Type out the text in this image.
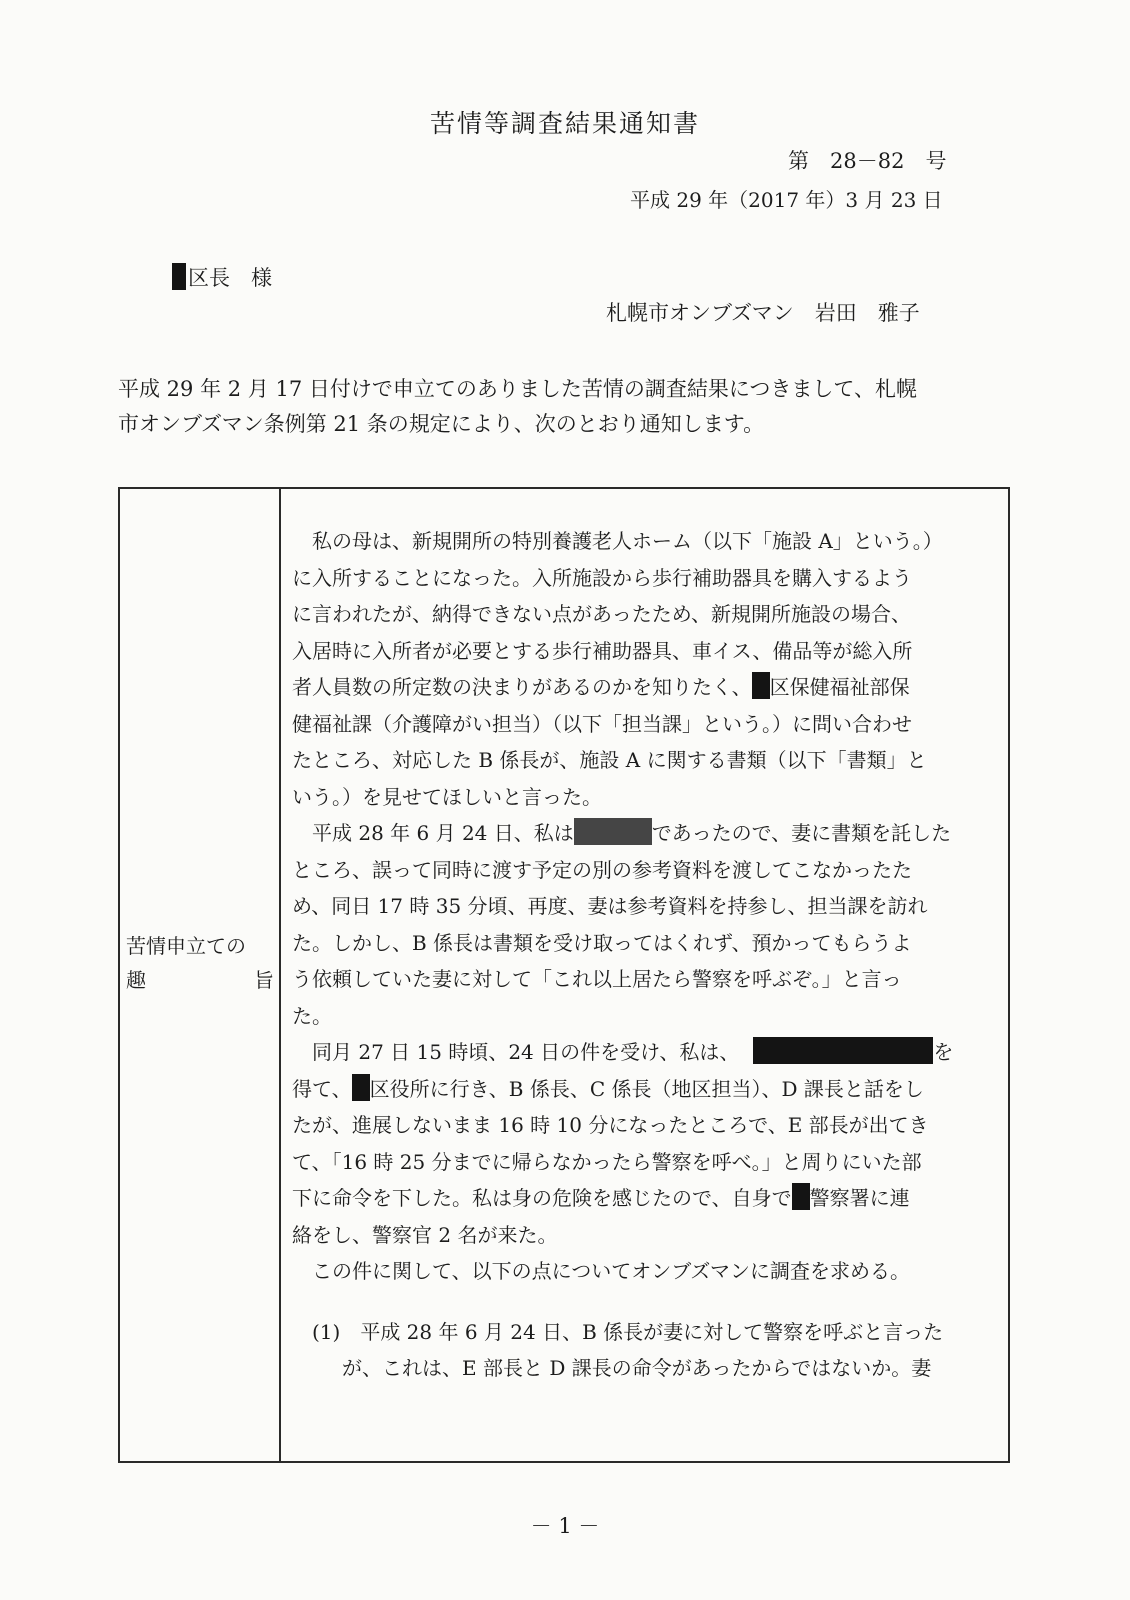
苦情等調査結果通知書
第　28－82　号
平成 29 年（2017 年）3 月 23 日
区長　様
札幌市オンブズマン　岩田　雅子

平成 29 年 2 月 17 日付けで申立てのありました苦情の調査結果につきまして、札幌

市オンブズマン条例第 21 条の規定により、次のとおり通知します。

苦情申立ての
趣	旨

私の母は、新規開所の特別養護老人ホーム（以下「施設 A」という。）

に入所することになった。入所施設から歩行補助器具を購入するよう

に言われたが、納得できない点があったため、新規開所施設の場合、

入居時に入所者が必要とする歩行補助器具、車イス、備品等が総入所

者人員数の所定数の決まりがあるのかを知りたく、 区保健福祉部保

健福祉課（介護障がい担当）（以下「担当課」という。）に問い合わせ

たところ、対応した B 係長が、施設 A に関する書類（以下「書類」と

いう。）を見せてほしいと言った。

平成 28 年 6 月 24 日、私は	であったので、妻に書類を託した

ところ、誤って同時に渡す予定の別の参考資料を渡してこなかったた

め、同日 17 時 35 分頃、再度、妻は参考資料を持参し、担当課を訪れ

た。しかし、B 係長は書類を受け取ってはくれず、預かってもらうよ

う依頼していた妻に対して「これ以上居たら警察を呼ぶぞ。」と言っ

た。

同月 27 日 15 時頃、24 日の件を受け、私は、	を

得て、 区役所に行き、B 係長、C 係長（地区担当）、D 課長と話をし

たが、進展しないまま 16 時 10 分になったところで、E 部長が出てき

て、「16 時 25 分までに帰らなかったら警察を呼べ。」と周りにいた部

下に命令を下した。私は身の危険を感じたので、自身で 警察署に連

絡をし、警察官 2 名が来た。

この件に関して、以下の点についてオンブズマンに調査を求める。

(1)　平成 28 年 6 月 24 日、B 係長が妻に対して警察を呼ぶと言った

が、これは、E 部長と D 課長の命令があったからではないか。妻

－ 1 －
